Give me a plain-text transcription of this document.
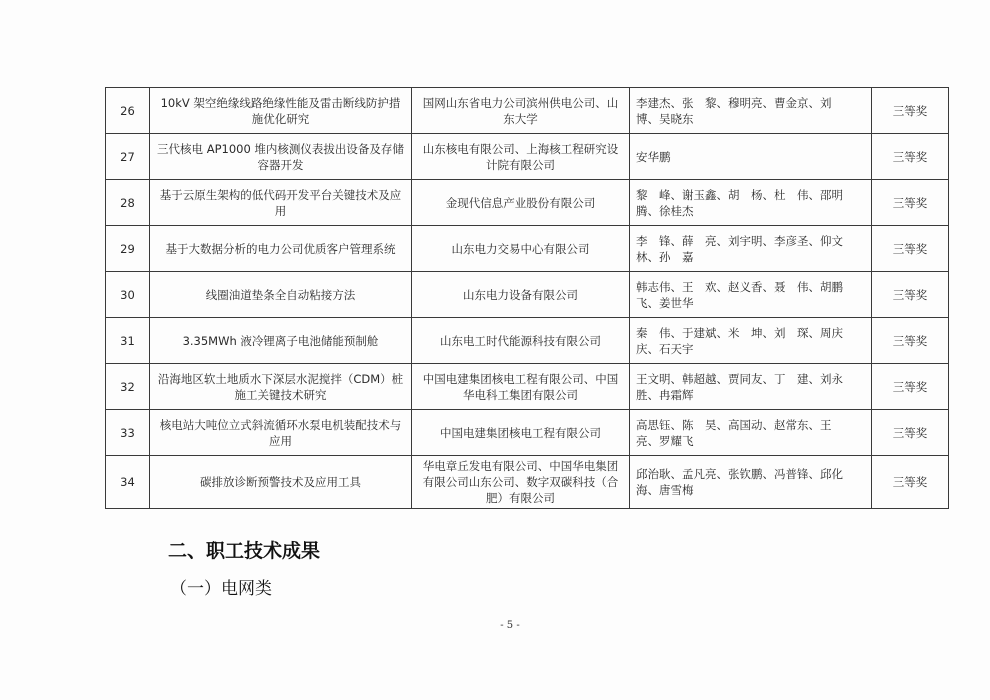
26	10kV 架空绝缘线路绝缘性能及雷击断线防护措施优化研究	国网山东省电力公司滨州供电公司、山东大学	李建杰、张　黎、穆明亮、曹金京、刘　博、吴晓东	三等奖
27	三代核电 AP1000 堆内核测仪表拔出设备及存储容器开发	山东核电有限公司、上海核工程研究设计院有限公司	安华鹏	三等奖
28	基于云原生架构的低代码开发平台关键技术及应用	金现代信息产业股份有限公司	黎　峰、谢玉鑫、胡　杨、杜　伟、邵明腾、徐桂杰	三等奖
29	基于大数据分析的电力公司优质客户管理系统	山东电力交易中心有限公司	李　锋、薛　亮、刘宇明、李彦圣、仰文林、孙　嘉	三等奖
30	线圈油道垫条全自动粘接方法	山东电力设备有限公司	韩志伟、王　欢、赵义香、聂　伟、胡鹏飞、姜世华	三等奖
31	3.35MWh 液冷锂离子电池储能预制舱	山东电工时代能源科技有限公司	秦　伟、于建斌、米　坤、刘　琛、周庆庆、石天宇	三等奖
32	沿海地区软土地质水下深层水泥搅拌（CDM）桩施工关键技术研究	中国电建集团核电工程有限公司、中国华电科工集团有限公司	王文明、韩超越、贾同友、丁　建、刘永胜、冉霜辉	三等奖
33	核电站大吨位立式斜流循环水泵电机装配技术与应用	中国电建集团核电工程有限公司	高思钰、陈　昊、高国动、赵常东、王　亮、罗耀飞	三等奖
34	碳排放诊断预警技术及应用工具	华电章丘发电有限公司、中国华电集团有限公司山东公司、数字双碳科技（合肥）有限公司	邱治耿、孟凡亮、张钦鹏、冯普锋、邱化海、唐雪梅	三等奖
二、职工技术成果
（一）电网类
- 5 -
